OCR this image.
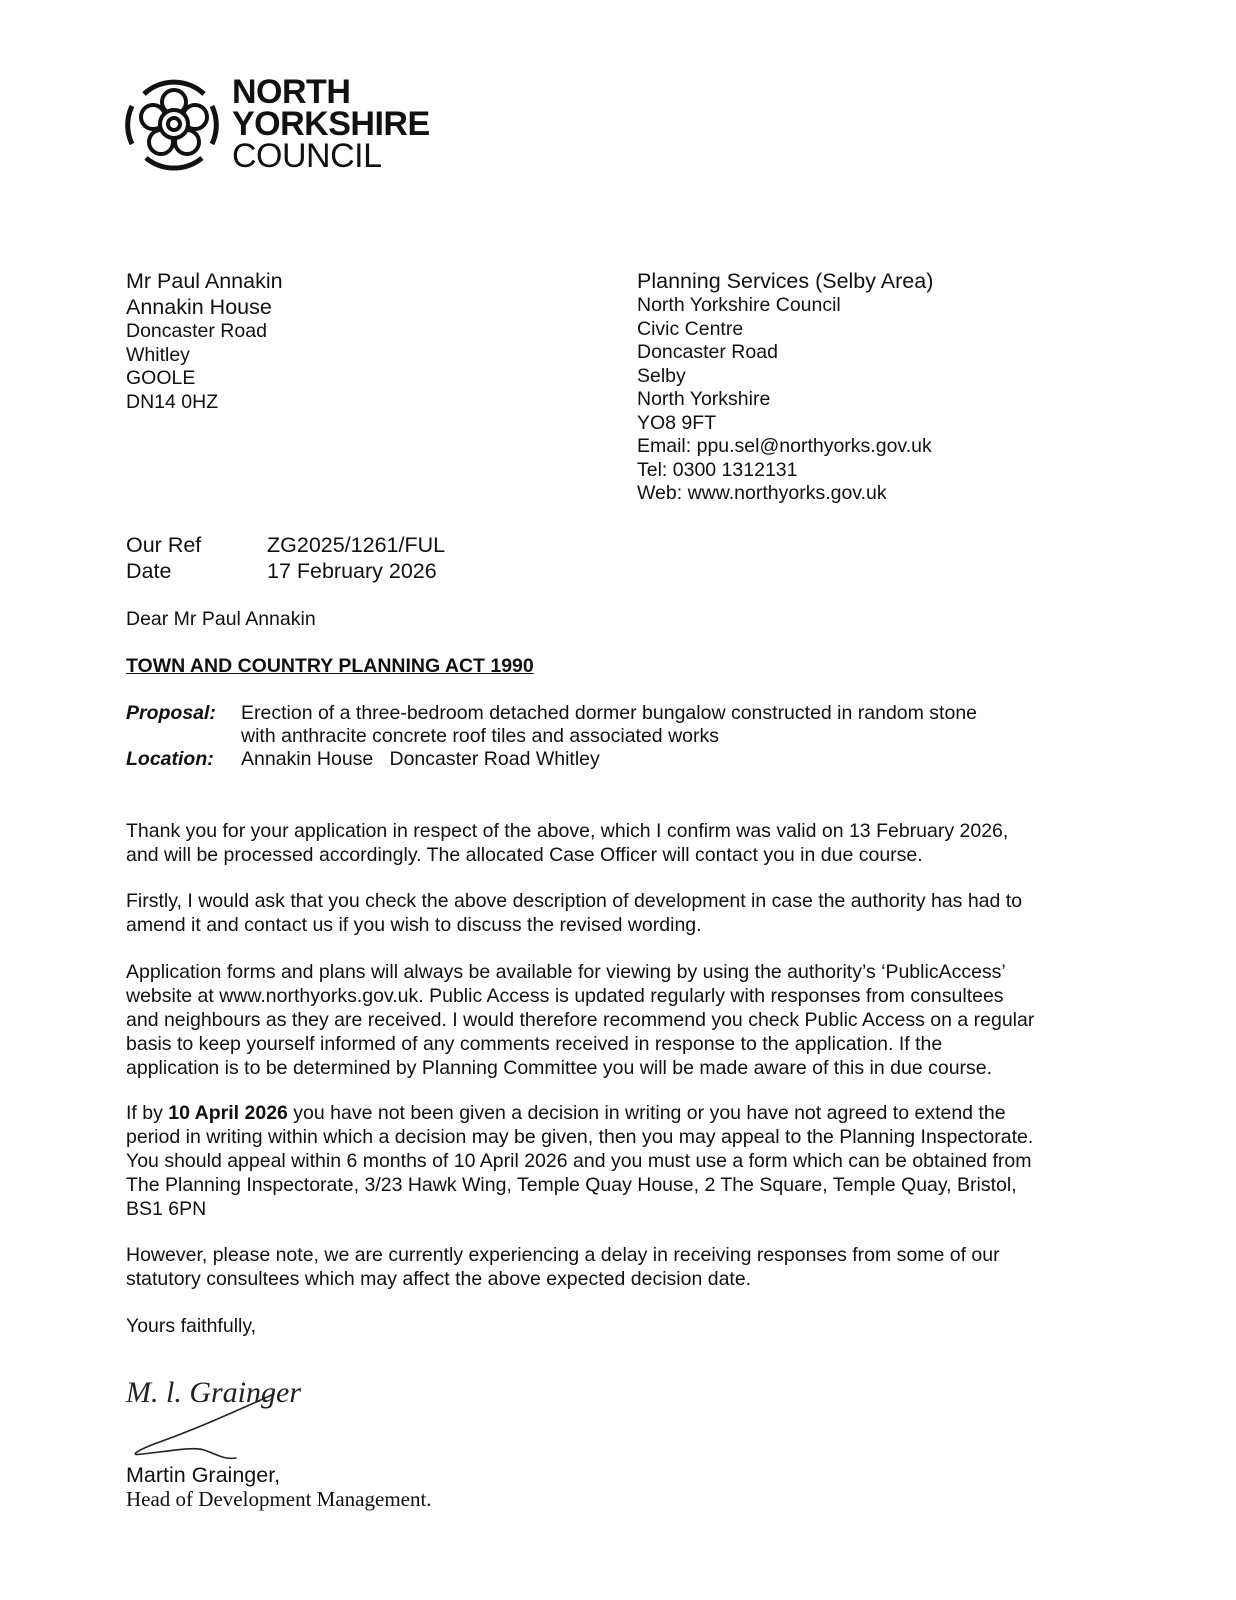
NORTH
YORKSHIRE
COUNCIL
Mr Paul Annakin
Annakin House
Doncaster Road
Whitley
GOOLE
DN14 0HZ
Planning Services (Selby Area)
North Yorkshire Council
Civic Centre
Doncaster Road
Selby
North Yorkshire
YO8 9FT
Email: ppu.sel@northyorks.gov.uk
Tel: 0300 1312131
Web: www.northyorks.gov.uk
Our Ref	ZG2025/1261/FUL
Date	17 February 2026
Dear Mr Paul Annakin
TOWN AND COUNTRY PLANNING ACT 1990
Proposal: Erection of a three-bedroom detached dormer bungalow constructed in random stone
with anthracite concrete roof tiles and associated works
Location: Annakin House   Doncaster Road Whitley
Thank you for your application in respect of the above, which I confirm was valid on 13 February 2026,
and will be processed accordingly. The allocated Case Officer will contact you in due course.
Firstly, I would ask that you check the above description of development in case the authority has had to
amend it and contact us if you wish to discuss the revised wording.
Application forms and plans will always be available for viewing by using the authority’s ‘PublicAccess’
website at www.northyorks.gov.uk. Public Access is updated regularly with responses from consultees
and neighbours as they are received. I would therefore recommend you check Public Access on a regular
basis to keep yourself informed of any comments received in response to the application. If the
application is to be determined by Planning Committee you will be made aware of this in due course.
If by 10 April 2026 you have not been given a decision in writing or you have not agreed to extend the
period in writing within which a decision may be given, then you may appeal to the Planning Inspectorate.
You should appeal within 6 months of 10 April 2026 and you must use a form which can be obtained from
The Planning Inspectorate, 3/23 Hawk Wing, Temple Quay House, 2 The Square, Temple Quay, Bristol,
BS1 6PN
However, please note, we are currently experiencing a delay in receiving responses from some of our
statutory consultees which may affect the above expected decision date.
Yours faithfully,
M. l. Grainger
Martin Grainger,
Head of Development Management.
